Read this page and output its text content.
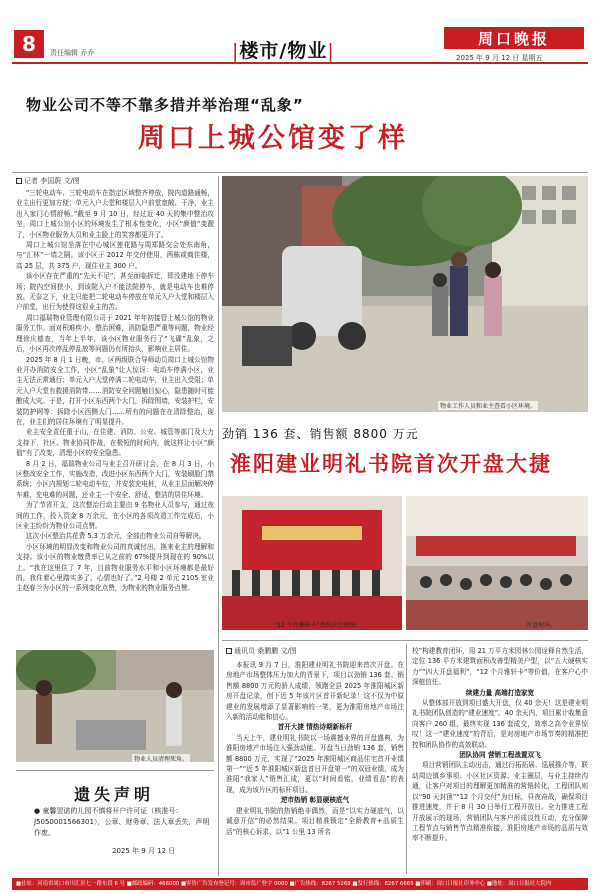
8	责任编辑 乔乔	|楼市/物业|
周口晚报
2025 年 9 月 12 日 星期五
物业公司不等不靠多措并举治理“乱象”
周口上城公馆变了样
记者 李国蔚 文/图

“三轮电动车、三轮电动车在指定区域整齐停放，院内道路通畅，业主出行更加方便；单元入户大堂和楼层入户前堂宽敞、干净，业主出入家门心情舒畅。”截至 9 月 10 日，经过近 40 天的集中整治攻坚，周口上城公馆小区的环境发生了根本性变化，小区“颜值”变靓了，小区物业服务人员和业主脸上的笑容都更开了。

周口上城公馆坐落在中心城区莲花路与周郑路交会处东南角，与“汇林”一墙之隔。该小区于 2012 年交付使用，两栋或商住楼，高 25 层，共 375 户，现住业主 300 户。

该小区存在严重的“先天不足”，甚至面临拆迁，即没建地下停车场；院内空间狭小，到该院入户不能法院停车，就是电动车也难停放。无奈之下，业主只能把二轮电动车停放在单元入户大堂和楼层入户前堂，出行为使得这很业主的苦。

周口福瑞物业管理有限公司于 2021 年年初接管上城公馆的物业服务工作。面对积难疾小，整治困难，消防隐患严重等问题，物业经理徐庆德查，当年上半年，该小区物业服务行了“飞碟”乱象，之后，小区再次停乱停乱放等问题仍有所抬头，影响业主居住。

2025 年 8 月 1 日晚，市、区两级联合导师动员周口上城公馆物业开办消防安全工作，小区“乱象”让人惊讶：电动车停满小区，业主无法正常通行；单元入户大堂停满二轮电动车，业主出入受阻；单元入户大堂有救援消防带……消防安全问题触目惊心，隐患随时可能酿成大灾。于是，打开小区东西两个大门，拆除围墙，安装护栏，安装防护网等：拆除小区西侧大门……所有的问题在在清除整治，现在，业主们的居住环境有了明显提升。

业主安全责任重于山，在住建、消防、公安、城管等部门及大力支持下，社区、物业协同作战，在极短的时间内，就这样让小区“颜值”有了改变，清理小区的安全隐患。

8 月 2 日，福瑞物业公司与业主召开研讨会，在 8 月 3 日，小区整改安全工作，实施改造，改进小区东西两个大门，安装刷脸门禁系统；小区内规划二轮电动车位，并安装充电桩，从业主层面解决停车难、充电难的问题，还业主一个安全、舒适、整洁的居住环境。

为了节省开支，这次整治行动主要由 9 名物业人员参与，通过夜间的工作，投入资金 8 万余元，在小区的各项改造工作完成后，小区业主纷纷为物业公司点赞。

这次小区整治共花费 5.3 万余元，全部由物业公司自筹解决。

小区环境的明显改变和物业公司的真诚付出，换来业主的理解和支持。该小区的物业缴费率已从之前的 67%提升到现在的 90%以上。“我在这里住了 7 年，目前物业服务水平和小区环境都是最好的，我住着心里踏实多了，心情也好了。”2 号楼 2 单元 2105 室业主赵春兰为小区的一系列变化点赞，为物业的物业服务点赞。

物业工作人员和业主查看小区环境。
劲销 136 套、销售额 8800 万元
淮阳建业明礼书院首次开盘大捷
“12 个月雅轩卡”签约大会现场。	开盘现场。
通讯员 桑鹏鹏 文/图

本报讯 9 月 7 日，淮阳建业明礼书院迎来首次开盘。在房地产市场整体压力加大的背景下，项目以劲销 136 套、销售额 8800 万元的骄人成绩，领跑全县 2025 年淮阳城区新房开盘记录，创下近 5 年该片区首开新纪录！这不仅为中原建业的发展增添了显著影响的一笔，更为淮阳房地产市场注入新的活动能和信心。

首开大捷 情热诗期新标杆

当天上午，建业明礼书院以一场震撼业界的开盘盛典，为淮阳房地产市场注入强劲动能。开盘当日劲销 136 套，销售额 8800 万元，实现了“2025 年淮阳城区商品住宅首开业绩第一”“近 5 年淮阳城区新盘首日开盘第一”的双冠业绩，成为淮阳“我家人”销售汇成，更以“时间看铭，业绩看品”的表现，成为该片区的标杆项目。

逆市热销 彰显硬核底气

建业明礼书院的热销绝非偶然，而是“以实力硬底气，以诚意开信”的必然结果。项目精准锁定“全龄教育+品质生活”的核心诉求，以“1 公里 13 所名

校”构建教育闭环，用 21 万平方米园林公园诠释自然生活，定位 136 平方米建筑面积改善型精美户型，以“五大硬核实力”“四大开盘福利”，“12 个月雅轩卡”等价值，在客户心中深植信任。

续建力量 高端打造家宽

从整体部开放到项目盛大开盘，仅 40 余天！这是建业明礼书院团队创造的“建业速度”。40 余天内，项目累计收集意向客户 260 组，最终实现 136 套成交，效率之高令业界惊叹！这一“建业速度”的背后，是对房地产市场节奏的精准把控和团队协作的高效联动。

团队协同 营销工程战置双飞

项目营销团队主动出击，通过行拓拓展、巡展推介等，联动周边镇乡事项、小区社区资源、业主圈层，与业主持续沟通，让客户对项目的理解更加精准的营销转化，工程团队则以“90 天封顶”“12 个月交付”为目标，昼夜奋战，确保项目推进速度，并于 8 月 30 日举行工程开放日。全力推进工程开放展示的现场，营销团队与客户形成良性互动，充分保障工程节点与销售节点精准衔接，淮阳房地产市场的品质与效率不断提升。

物业人员清理死角。
遗失声明
● 童馨翌诺的儿园不慎将开户许可证（核准号：J5050001566301），公章、财务章、法人章丢失，声明作废。
2025 年 9 月 12 日
■社址：河南省周口市川汇区七一路东段 6 号 ■邮政编码：466000 ■零售广告发布登记号：周市监广登字 0000 ■广告热线：8267 5268 ■发行热线：8267 6665 ■印刷：周口日报社印务中心 ■地址：周口日报社大院内
